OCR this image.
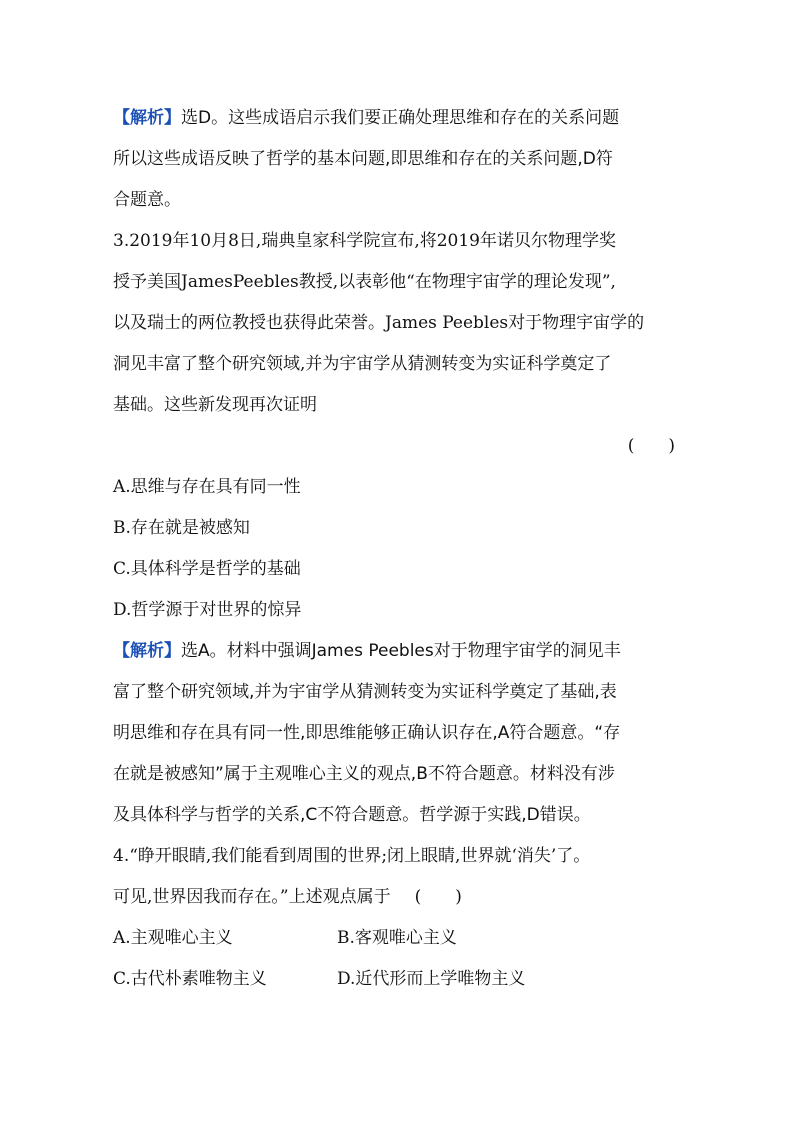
【解析】选D。这些成语启示我们要正确处理思维和存在的关系问题
所以这些成语反映了哲学的基本问题,即思维和存在的关系问题,D符
合题意。
3.2019年10月8日,瑞典皇家科学院宣布,将2019年诺贝尔物理学奖
授予美国JamesPeebles教授,以表彰他“在物理宇宙学的理论发现”,
以及瑞士的两位教授也获得此荣誉。James Peebles对于物理宇宙学的
洞见丰富了整个研究领域,并为宇宙学从猜测转变为实证科学奠定了
基础。这些新发现再次证明
(　　)
A.思维与存在具有同一性
B.存在就是被感知
C.具体科学是哲学的基础
D.哲学源于对世界的惊异
【解析】选A。材料中强调James Peebles对于物理宇宙学的洞见丰
富了整个研究领域,并为宇宙学从猜测转变为实证科学奠定了基础,表
明思维和存在具有同一性,即思维能够正确认识存在,A符合题意。“存
在就是被感知”属于主观唯心主义的观点,B不符合题意。材料没有涉
及具体科学与哲学的关系,C不符合题意。哲学源于实践,D错误。
4.“睁开眼睛,我们能看到周围的世界;闭上眼睛,世界就‘消失’了。
可见,世界因我而存在。”上述观点属于 (　　)
A.主观唯心主义	B.客观唯心主义
C.古代朴素唯物主义	D.近代形而上学唯物主义
